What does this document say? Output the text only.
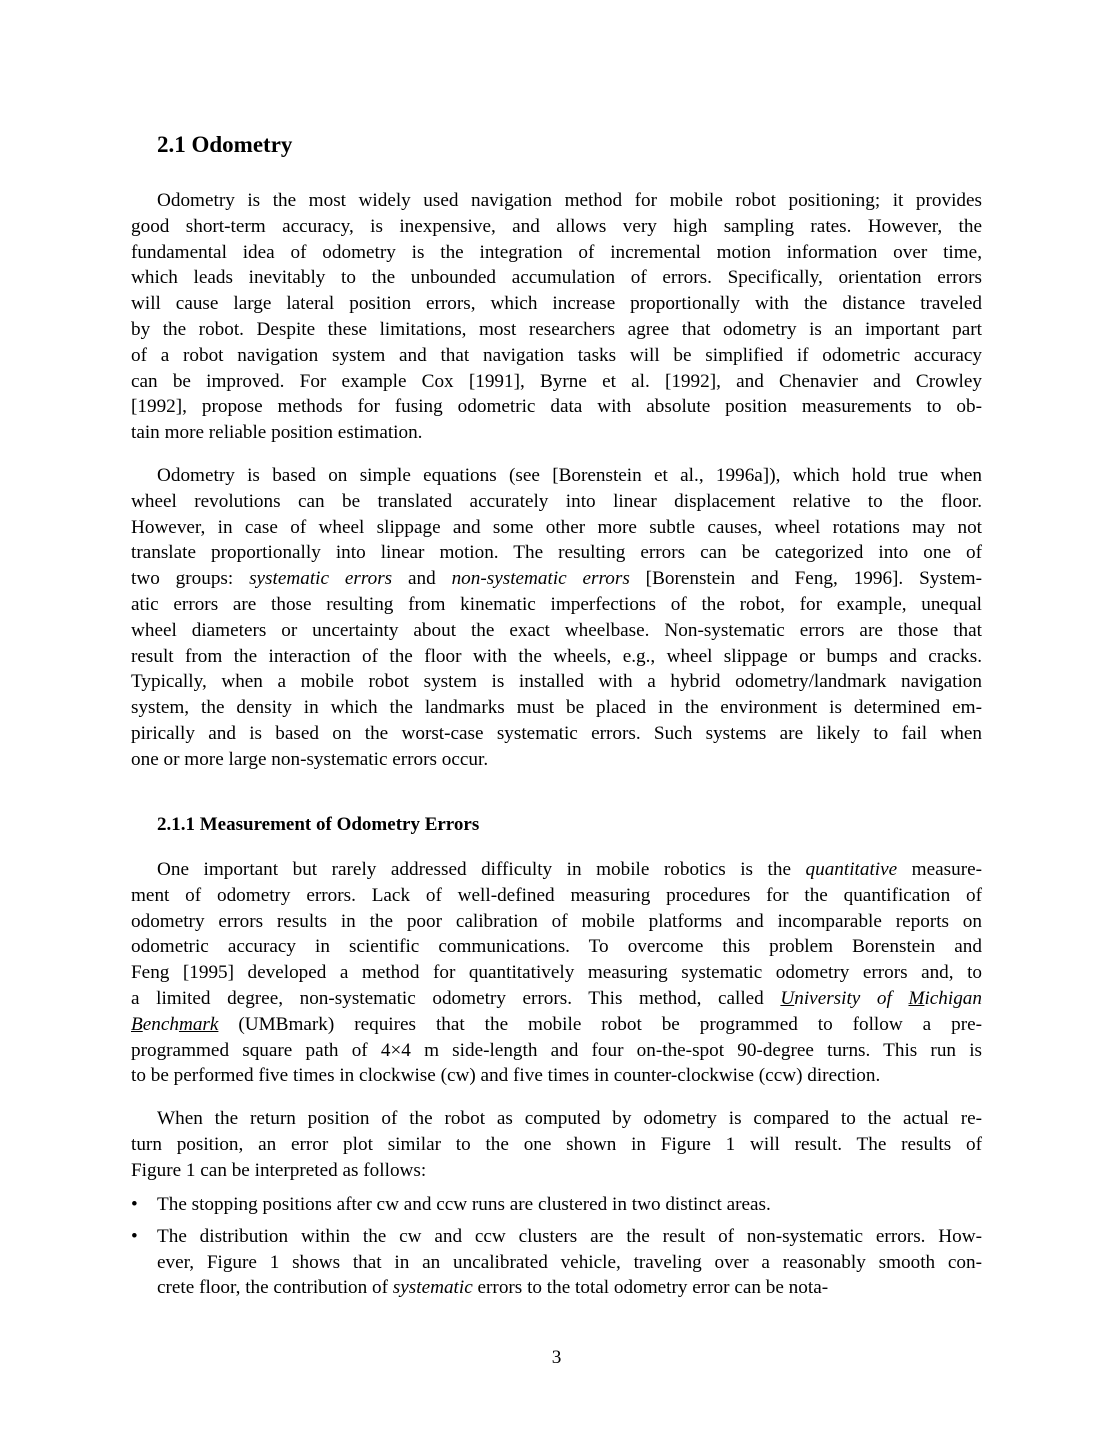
2.1 Odometry
Odometry is the most widely used navigation method for mobile robot positioning; it provides
good short-term accuracy, is inexpensive, and allows very high sampling rates. However, the
fundamental idea of odometry is the integration of incremental motion information over time,
which leads inevitably to the unbounded accumulation of errors. Specifically, orientation errors
will cause large lateral position errors, which increase proportionally with the distance traveled
by the robot. Despite these limitations, most researchers agree that odometry is an important part
of a robot navigation system and that navigation tasks will be simplified if odometric accuracy
can be improved. For example Cox [1991], Byrne et al. [1992], and Chenavier and Crowley
[1992], propose methods for fusing odometric data with absolute position measurements to ob-
tain more reliable position estimation.
Odometry is based on simple equations (see [Borenstein et al., 1996a]), which hold true when
wheel revolutions can be translated accurately into linear displacement relative to the floor.
However, in case of wheel slippage and some other more subtle causes, wheel rotations may not
translate proportionally into linear motion. The resulting errors can be categorized into one of
two groups: systematic errors and non-systematic errors [Borenstein and Feng, 1996]. System-
atic errors are those resulting from kinematic imperfections of the robot, for example, unequal
wheel diameters or uncertainty about the exact wheelbase. Non-systematic errors are those that
result from the interaction of the floor with the wheels, e.g., wheel slippage or bumps and cracks.
Typically, when a mobile robot system is installed with a hybrid odometry/landmark navigation
system, the density in which the landmarks must be placed in the environment is determined em-
pirically and is based on the worst-case systematic errors. Such systems are likely to fail when
one or more large non-systematic errors occur.
2.1.1 Measurement of Odometry Errors
One important but rarely addressed difficulty in mobile robotics is the quantitative measure-
ment of odometry errors. Lack of well-defined measuring procedures for the quantification of
odometry errors results in the poor calibration of mobile platforms and incomparable reports on
odometric accuracy in scientific communications. To overcome this problem Borenstein and
Feng [1995] developed a method for quantitatively measuring systematic odometry errors and, to
a limited degree, non-systematic odometry errors. This method, called University of Michigan
Benchmark (UMBmark) requires that the mobile robot be programmed to follow a pre-
programmed square path of 4×4 m side-length and four on-the-spot 90-degree turns. This run is
to be performed five times in clockwise (cw) and five times in counter-clockwise (ccw) direction.
When the return position of the robot as computed by odometry is compared to the actual re-
turn position, an error plot similar to the one shown in Figure 1 will result. The results of
Figure 1 can be interpreted as follows:
• The stopping positions after cw and ccw runs are clustered in two distinct areas.
• The distribution within the cw and ccw clusters are the result of non-systematic errors. How-
ever, Figure 1 shows that in an uncalibrated vehicle, traveling over a reasonably smooth con-
crete floor, the contribution of systematic errors to the total odometry error can be nota-
3
